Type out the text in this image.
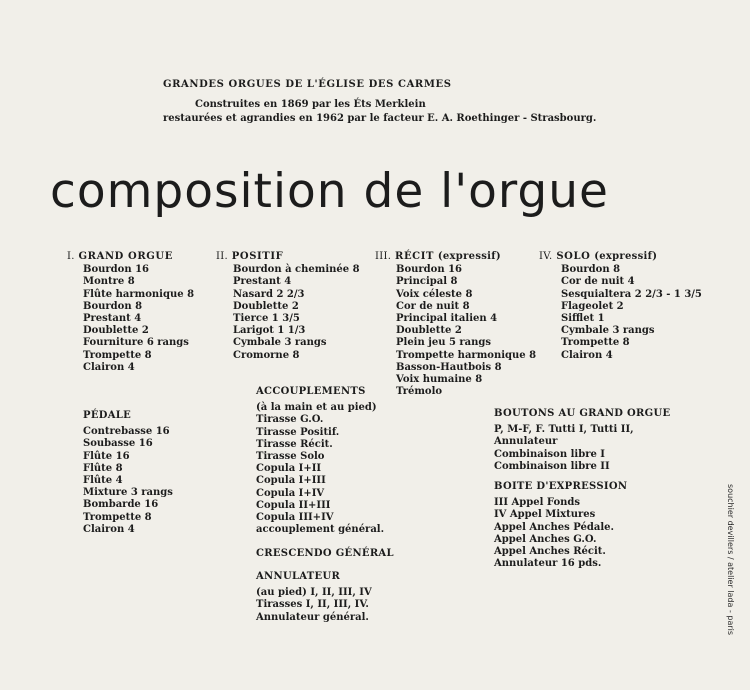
GRANDES ORGUES DE L'ÉGLISE DES CARMES
Construites en 1869 par les Éts Merklein
restaurées et agrandies en 1962 par le facteur E. A. Roethinger - Strasbourg.
composition de l'orgue
I. GRAND ORGUE
Bourdon 16
Montre 8
Flûte harmonique 8
Bourdon 8
Prestant 4
Doublette 2
Fourniture 6 rangs
Trompette 8
Clairon 4
II. POSITIF
Bourdon à cheminée 8
Prestant 4
Nasard 2 2/3
Doublette 2
Tierce 1 3/5
Larigot 1 1/3
Cymbale 3 rangs
Cromorne 8
III. RÉCIT (expressif)
Bourdon 16
Principal 8
Voix céleste 8
Cor de nuit 8
Principal italien 4
Doublette 2
Plein jeu 5 rangs
Trompette harmonique 8
Basson-Hautbois 8
Voix humaine 8
Trémolo
IV. SOLO (expressif)
Bourdon 8
Cor de nuit 4
Sesquialtera 2 2/3 - 1 3/5
Flageolet 2
Sifflet 1
Cymbale 3 rangs
Trompette 8
Clairon 4
PÉDALE
Contrebasse 16
Soubasse 16
Flûte 16
Flûte 8
Flûte 4
Mixture 3 rangs
Bombarde 16
Trompette 8
Clairon 4
ACCOUPLEMENTS
(à la main et au pied)
Tirasse G.O.
Tirasse Positif.
Tirasse Récit.
Tirasse Solo
Copula I+II
Copula I+III
Copula I+IV
Copula II+III
Copula III+IV
accouplement général.
CRESCENDO GÉNÉRAL
ANNULATEUR
(au pied) I, II, III, IV
Tirasses I, II, III, IV.
Annulateur général.
BOUTONS AU GRAND ORGUE
P, M-F, F. Tutti I, Tutti II,
Annulateur
Combinaison libre I
Combinaison libre II
BOITE D'EXPRESSION
III Appel Fonds
IV Appel Mixtures
Appel Anches Pédale.
Appel Anches G.O.
Appel Anches Récit.
Annulateur 16 pds.	souchier devillers / atelier lada - paris
